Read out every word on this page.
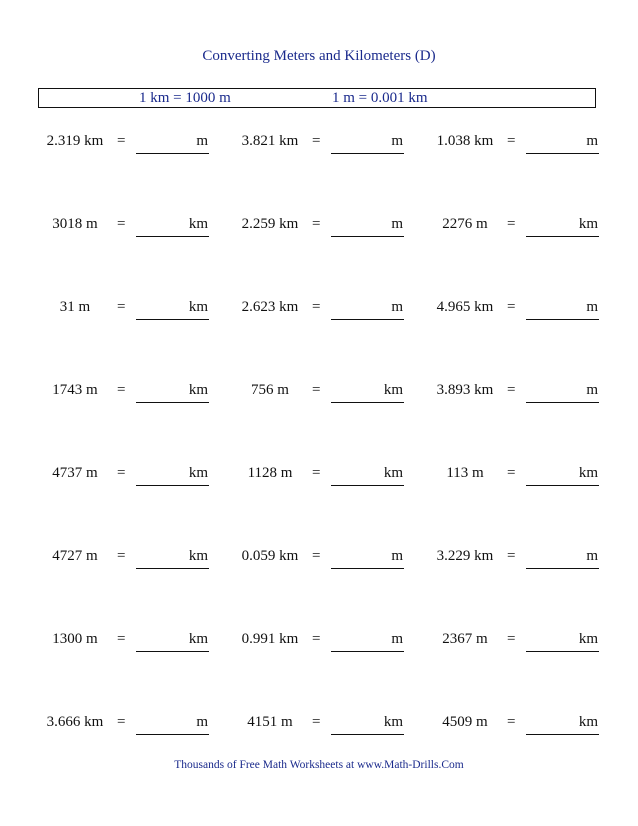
Converting Meters and Kilometers (D)
1 km = 1000 m	1 m = 0.001 km
2.319 km =	m	3.821 km =	m	1.038 km =	m
3018 m	=	km	2.259 km =	m	2276 m	=	km
31 m	=	km	2.623 km =	m	4.965 km =	m
1743 m	=	km	756 m	=	km	3.893 km =	m
4737 m	=	km	1128 m	=	km	113 m	=	km
4727 m	=	km	0.059 km =	m	3.229 km =	m
1300 m	=	km	0.991 km =	m	2367 m	=	km
3.666 km =	m	4151 m	=	km	4509 m	=	km
Thousands of Free Math Worksheets at www.Math-Drills.Com
